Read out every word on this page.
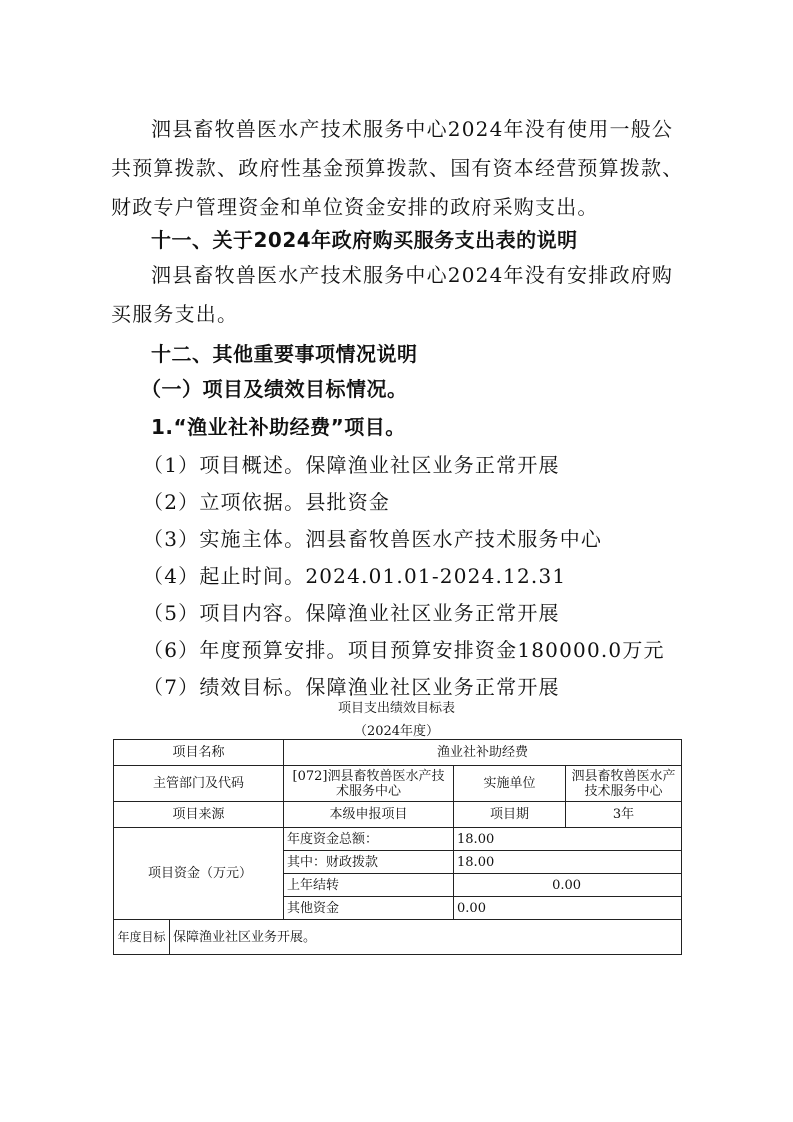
泗县畜牧兽医水产技术服务中心2024年没有使用一般公共预算拨款、政府性基金预算拨款、国有资本经营预算拨款、财政专户管理资金和单位资金安排的政府采购支出。

十一、关于2024年政府购买服务支出表的说明

泗县畜牧兽医水产技术服务中心2024年没有安排政府购买服务支出。

十二、其他重要事项情况说明

（一）项目及绩效目标情况。

1.“渔业社补助经费”项目。

（1）项目概述。保障渔业社区业务正常开展

（2）立项依据。县批资金

（3）实施主体。泗县畜牧兽医水产技术服务中心

（4）起止时间。2024.01.01-2024.12.31

（5）项目内容。保障渔业社区业务正常开展

（6）年度预算安排。项目预算安排资金180000.0万元

（7）绩效目标。保障渔业社区业务正常开展

项目支出绩效目标表
（2024年度）
项目名称		渔业社补助经费		
主管部门及代码		[072]泗县畜牧兽医水产技术服务中心	实施单位	泗县畜牧兽医水产技术服务中心
项目来源		本级申报项目	项目期	3年
项目资金（万元）		年度资金总额：	18.00	
		其中：财政拨款	18.00	
		上年结转	0.00	
		其他资金	0.00	
年度目标	保障渔业社区业务开展。			
